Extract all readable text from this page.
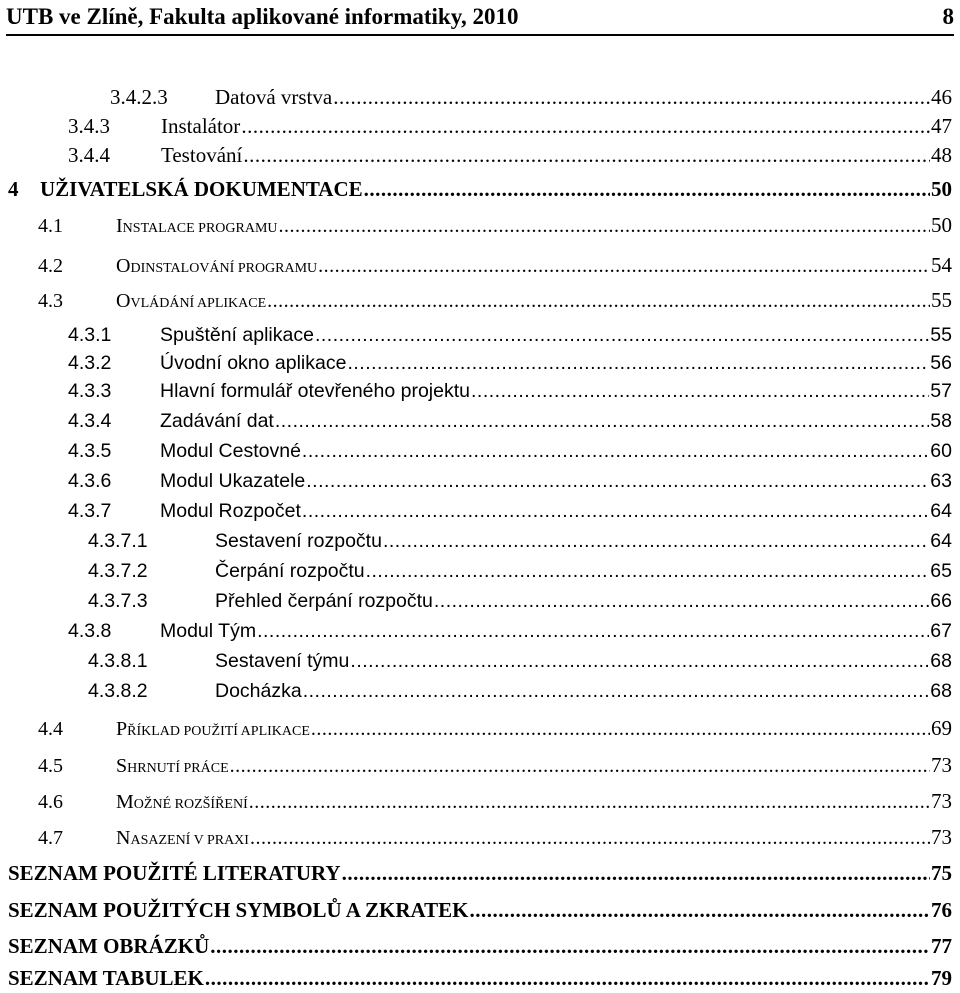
UTB ve Zlíně, Fakulta aplikované informatiky, 2010	8
3.4.2.3	Datová vrstva .....	46
3.4.3	Instalátor .....	47
3.4.4	Testování .....	48
4	UŽIVATELSKÁ DOKUMENTACE .....	50
4.1	INSTALACE PROGRAMU .....	50
4.2	ODINSTALOVÁNÍ PROGRAMU .....	54
4.3	OVLÁDÁNÍ APLIKACE .....	55
4.3.1	Spuštění aplikace .....	55
4.3.2	Úvodní okno aplikace .....	56
4.3.3	Hlavní formulář otevřeného projektu .....	57
4.3.4	Zadávání dat .....	58
4.3.5	Modul Cestovné .....	60
4.3.6	Modul Ukazatele .....	63
4.3.7	Modul Rozpočet .....	64
4.3.7.1	Sestavení rozpočtu .....	64
4.3.7.2	Čerpání rozpočtu .....	65
4.3.7.3	Přehled čerpání rozpočtu .....	66
4.3.8	Modul Tým .....	67
4.3.8.1	Sestavení týmu .....	68
4.3.8.2	Docházka .....	68
4.4	PŘÍKLAD POUŽITÍ APLIKACE .....	69
4.5	SHRNUTÍ PRÁCE .....	73
4.6	MOŽNÉ ROZŠÍŘENÍ .....	73
4.7	NASAZENÍ V PRAXI .....	73
SEZNAM POUŽITÉ LITERATURY .....	75
SEZNAM POUŽITÝCH SYMBOLŮ A ZKRATEK .....	76
SEZNAM OBRÁZKŮ .....	77
SEZNAM TABULEK .....	79
